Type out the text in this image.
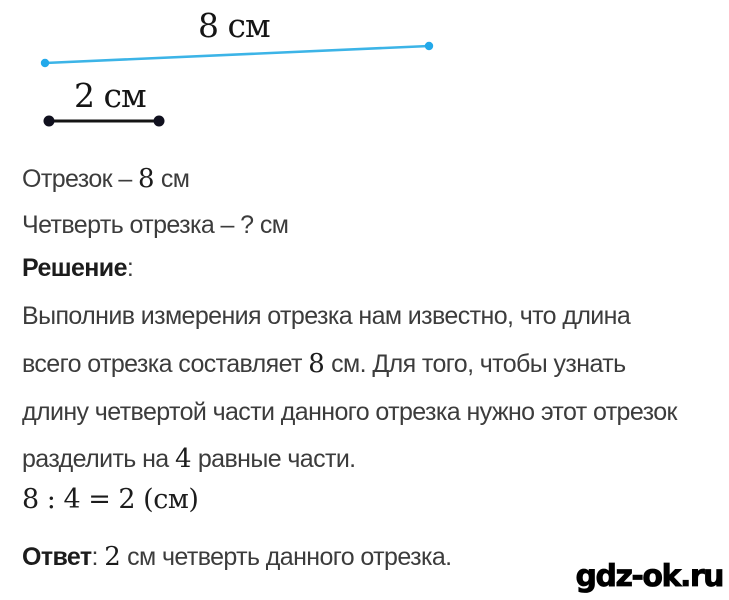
8 см
2 см
Отрезок – 8 см
Четверть отрезка – ? см
Решение:
Выполнив измерения отрезка нам известно, что длина
всего отрезка составляет 8 см. Для того, чтобы узнать
длину четвертой части данного отрезка нужно этот отрезок
разделить на 4 равные части.
8 : 4 = 2 (см)
Ответ: 2 см четверть данного отрезка.
gdz-ok.ru
